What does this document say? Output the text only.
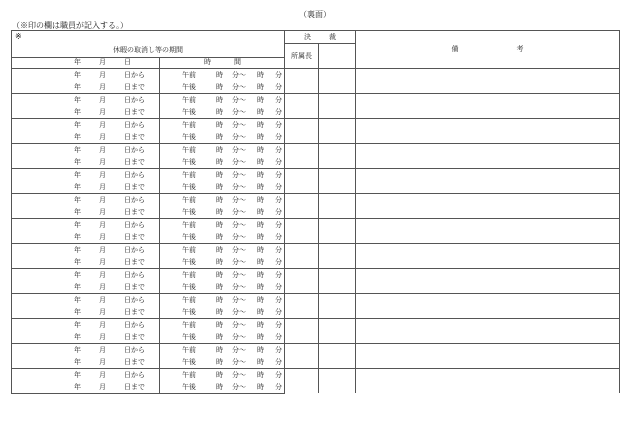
（裏面）
（※印の欄は職員が記入する。）
※		決 裁		備 考
休暇の取消し等の期間		所属長		

年 月 日	時 間			

年 月 日から	午前 時 分～ 時 分			

年 月 日まで	午後 時 分～ 時 分			

年 月 日から	午前 時 分～ 時 分			

年 月 日まで	午後 時 分～ 時 分			

年 月 日から	午前 時 分～ 時 分			

年 月 日まで	午後 時 分～ 時 分			

年 月 日から	午前 時 分～ 時 分			

年 月 日まで	午後 時 分～ 時 分			

年 月 日から	午前 時 分～ 時 分			

年 月 日まで	午後 時 分～ 時 分			

年 月 日から	午前 時 分～ 時 分			

年 月 日まで	午後 時 分～ 時 分			

年 月 日から	午前 時 分～ 時 分			

年 月 日まで	午後 時 分～ 時 分			

年 月 日から	午前 時 分～ 時 分			

年 月 日まで	午後 時 分～ 時 分			

年 月 日から	午前 時 分～ 時 分			

年 月 日まで	午後 時 分～ 時 分			

年 月 日から	午前 時 分～ 時 分			

年 月 日まで	午後 時 分～ 時 分			

年 月 日から	午前 時 分～ 時 分			

年 月 日まで	午後 時 分～ 時 分			

年 月 日から	午前 時 分～ 時 分			

年 月 日まで	午後 時 分～ 時 分			

年 月 日から	午前 時 分～ 時 分			

年 月 日まで	午後 時 分～ 時 分			
